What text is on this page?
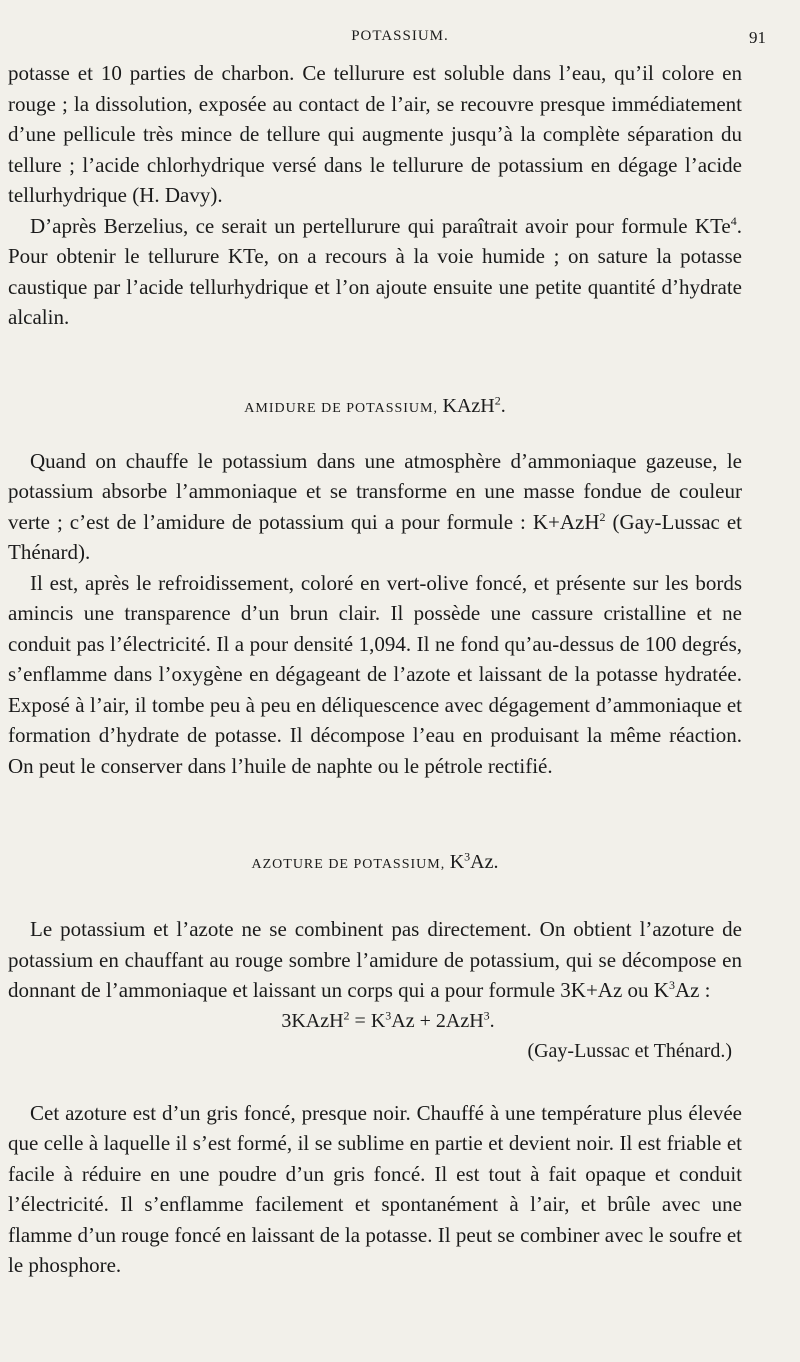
POTASSIUM.	91

potasse et 10 parties de charbon. Ce tellurure est soluble dans l’eau, qu’il colore en rouge ; la dissolution, exposée au contact de l’air, se recouvre presque immédiatement d’une pellicule très mince de tellure qui augmente jusqu’à la complète séparation du tellure ; l’acide chlorhydrique versé dans le tellurure de potassium en dégage l’acide tellurhydrique (H. Davy).

D’après Berzelius, ce serait un pertellurure qui paraîtrait avoir pour formule KTe$^4$. Pour obtenir le tellurure KTe, on a recours à la voie humide ; on sature la potasse caustique par l’acide tellurhydrique et l’on ajoute ensuite une petite quantité d’hydrate alcalin.

AMIDURE DE POTASSIUM, KAzH$^2$.

Quand on chauffe le potassium dans une atmosphère d’ammoniaque gazeuse, le potassium absorbe l’ammoniaque et se transforme en une masse fondue de couleur verte ; c’est de l’amidure de potassium qui a pour formule : K+AzH$^2$ (Gay-Lussac et Thénard).

Il est, après le refroidissement, coloré en vert-olive foncé, et présente sur les bords amincis une transparence d’un brun clair. Il possède une cassure cristalline et ne conduit pas l’électricité. Il a pour densité 1,094. Il ne fond qu’au-dessus de 100 degrés, s’enflamme dans l’oxygène en dégageant de l’azote et laissant de la potasse hydratée. Exposé à l’air, il tombe peu à peu en déliquescence avec dégagement d’ammoniaque et formation d’hydrate de potasse. Il décompose l’eau en produisant la même réaction. On peut le conserver dans l’huile de naphte ou le pétrole rectifié.

AZOTURE DE POTASSIUM, $K^3Az$.

Le potassium et l’azote ne se combinent pas directement. On obtient l’azoture de potassium en chauffant au rouge sombre l’amidure de potassium, qui se décompose en donnant de l’ammoniaque et laissant un corps qui a pour formule 3K+Az ou $K^3Az$ :

3KAzH$^2$ = $K^3Az + 2AzH^3$.
(Gay-Lussac et Thénard.)

Cet azoture est d’un gris foncé, presque noir. Chauffé à une température plus élevée que celle à laquelle il s’est formé, il se sublime en partie et devient noir. Il est friable et facile à réduire en une poudre d’un gris foncé. Il est tout à fait opaque et conduit l’électricité. Il s’enflamme facilement et spontanément à l’air, et brûle avec une flamme d’un rouge foncé en laissant de la potasse. Il peut se combiner avec le soufre et le phosphore.
